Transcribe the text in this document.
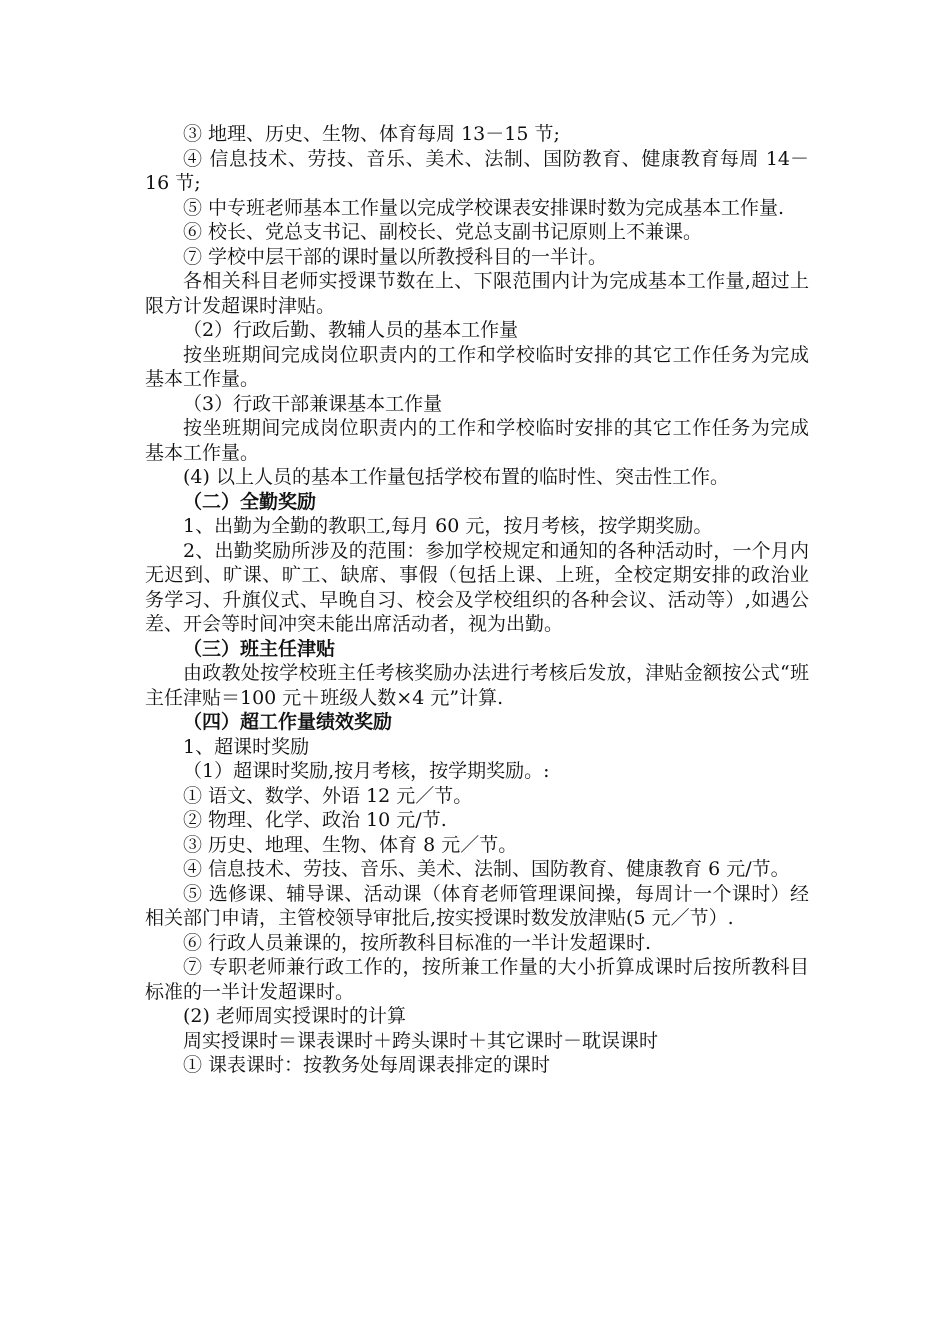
③ 地理、历史、生物、体育每周 13－15 节;

④ 信息技术、劳技、音乐、美术、法制、国防教育、健康教育每周 14－16 节;

⑤ 中专班老师基本工作量以完成学校课表安排课时数为完成基本工作量.

⑥ 校长、党总支书记、副校长、党总支副书记原则上不兼课。

⑦ 学校中层干部的课时量以所教授科目的一半计。

各相关科目老师实授课节数在上、下限范围内计为完成基本工作量,超过上限方计发超课时津贴。

（2）行政后勤、教辅人员的基本工作量

按坐班期间完成岗位职责内的工作和学校临时安排的其它工作任务为完成基本工作量。

（3）行政干部兼课基本工作量

按坐班期间完成岗位职责内的工作和学校临时安排的其它工作任务为完成基本工作量。

(4) 以上人员的基本工作量包括学校布置的临时性、突击性工作。

（二）全勤奖励

1、出勤为全勤的教职工,每月 60 元，按月考核，按学期奖励。

2、出勤奖励所涉及的范围：参加学校规定和通知的各种活动时，一个月内无迟到、旷课、旷工、缺席、事假（包括上课、上班，全校定期安排的政治业务学习、升旗仪式、早晚自习、校会及学校组织的各种会议、活动等）,如遇公差、开会等时间冲突未能出席活动者，视为出勤。

（三）班主任津贴

由政教处按学校班主任考核奖励办法进行考核后发放，津贴金额按公式“班主任津贴＝100 元＋班级人数×4 元”计算.

（四）超工作量绩效奖励

1、超课时奖励

（1）超课时奖励,按月考核，按学期奖励。:

① 语文、数学、外语 12 元／节。

② 物理、化学、政治 10 元/节.

③ 历史、地理、生物、体育 8 元／节。

④ 信息技术、劳技、音乐、美术、法制、国防教育、健康教育 6 元/节。

⑤ 选修课、辅导课、活动课（体育老师管理课间操，每周计一个课时）经相关部门申请，主管校领导审批后,按实授课时数发放津贴(5 元／节）.

⑥ 行政人员兼课的，按所教科目标准的一半计发超课时.

⑦ 专职老师兼行政工作的，按所兼工作量的大小折算成课时后按所教科目标准的一半计发超课时。

(2) 老师周实授课时的计算

周实授课时＝课表课时＋跨头课时＋其它课时－耽误课时

① 课表课时：按教务处每周课表排定的课时
